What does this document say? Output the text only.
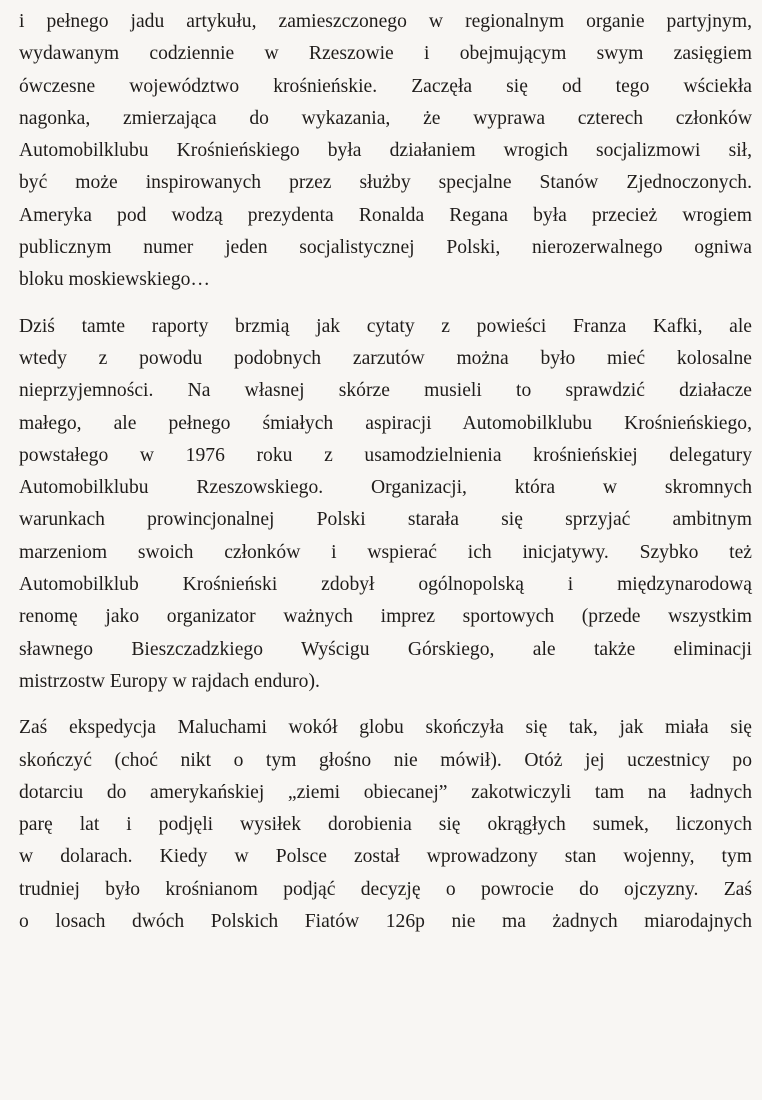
i pełnego jadu artykułu, zamieszczonego w regionalnym organie partyjnym,
wydawanym codziennie w Rzeszowie i obejmującym swym zasięgiem
ówczesne województwo krośnieńskie. Zaczęła się od tego wściekła
nagonka, zmierzająca do wykazania, że wyprawa czterech członków
Automobilklubu Krośnieńskiego była działaniem wrogich socjalizmowi sił,
być może inspirowanych przez służby specjalne Stanów Zjednoczonych.
Ameryka pod wodzą prezydenta Ronalda Regana była przecież wrogiem
publicznym numer jeden socjalistycznej Polski, nierozerwalnego ogniwa
bloku moskiewskiego…

Dziś tamte raporty brzmią jak cytaty z powieści Franza Kafki, ale
wtedy z powodu podobnych zarzutów można było mieć kolosalne
nieprzyjemności. Na własnej skórze musieli to sprawdzić działacze
małego, ale pełnego śmiałych aspiracji Automobilklubu Krośnieńskiego,
powstałego w 1976 roku z usamodzielnienia krośnieńskiej delegatury
Automobilklubu Rzeszowskiego. Organizacji, która w skromnych
warunkach prowincjonalnej Polski starała się sprzyjać ambitnym
marzeniom swoich członków i wspierać ich inicjatywy. Szybko też
Automobilklub Krośnieński zdobył ogólnopolską i międzynarodową
renomę jako organizator ważnych imprez sportowych (przede wszystkim
sławnego Bieszczadzkiego Wyścigu Górskiego, ale także eliminacji
mistrzostw Europy w rajdach enduro).

Zaś ekspedycja Maluchami wokół globu skończyła się tak, jak miała się
skończyć (choć nikt o tym głośno nie mówił). Otóż jej uczestnicy po
dotarciu do amerykańskiej „ziemi obiecanej” zakotwiczyli tam na ładnych
parę lat i podjęli wysiłek dorobienia się okrągłych sumek, liczonych
w dolarach. Kiedy w Polsce został wprowadzony stan wojenny, tym
trudniej było krośnianom podjąć decyzję o powrocie do ojczyzny. Zaś
o losach dwóch Polskich Fiatów 126p nie ma żadnych miarodajnych
